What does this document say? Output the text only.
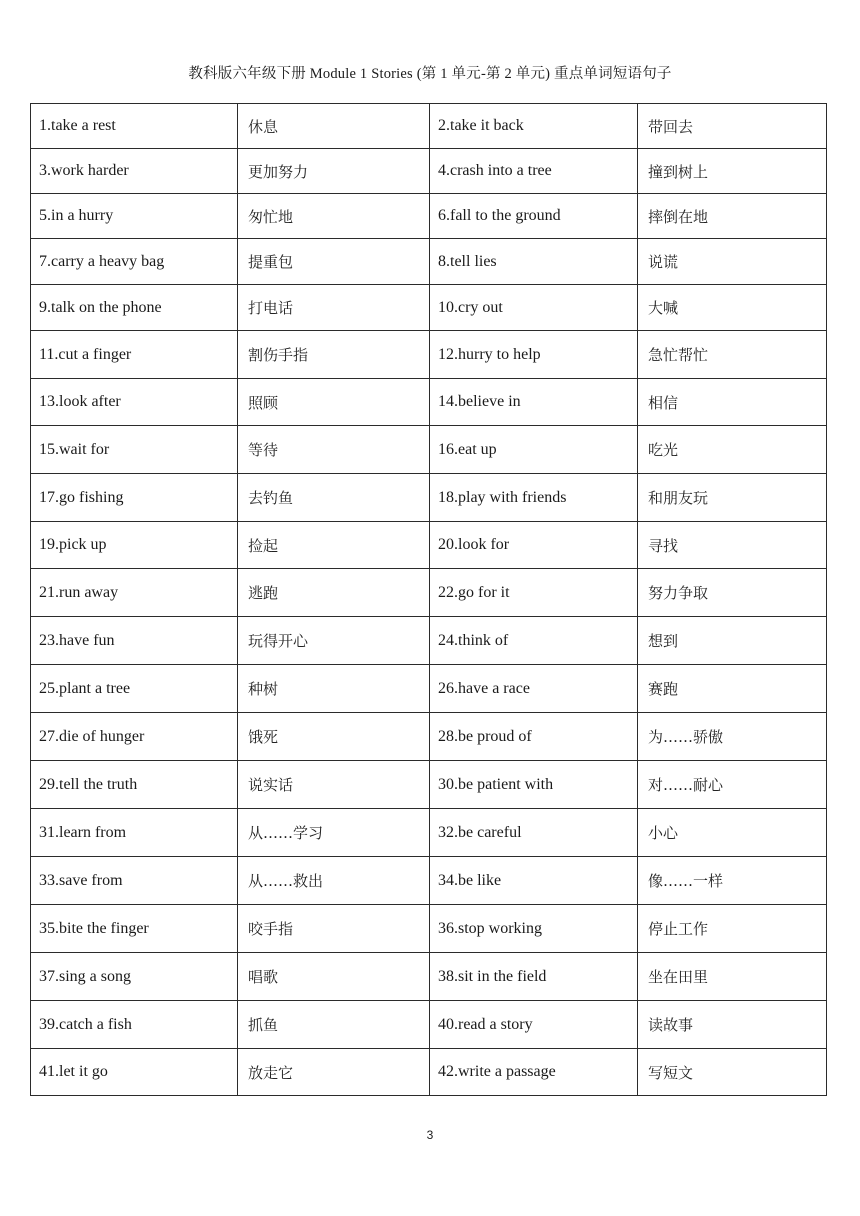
教科版六年级下册 Module 1 Stories (第 1 单元-第 2 单元) 重点单词短语句子
1.take a rest	休息	2.take it back	带回去
3.work harder	更加努力	4.crash into a tree	撞到树上
5.in a hurry	匆忙地	6.fall to the ground	摔倒在地
7.carry a heavy bag	提重包	8.tell lies	说谎
9.talk on the phone	打电话	10.cry out	大喊
11.cut a finger	割伤手指	12.hurry to help	急忙帮忙
13.look after	照顾	14.believe in	相信
15.wait for	等待	16.eat up	吃光
17.go fishing	去钓鱼	18.play with friends	和朋友玩
19.pick up	捡起	20.look for	寻找
21.run away	逃跑	22.go for it	努力争取
23.have fun	玩得开心	24.think of	想到
25.plant a tree	种树	26.have a race	赛跑
27.die of hunger	饿死	28.be proud of	为……骄傲
29.tell the truth	说实话	30.be patient with	对……耐心
31.learn from	从……学习	32.be careful	小心
33.save from	从……救出	34.be like	像……一样
35.bite the finger	咬手指	36.stop working	停止工作
37.sing a song	唱歌	38.sit in the field	坐在田里
39.catch a fish	抓鱼	40.read a story	读故事
41.let it go	放走它	42.write a passage	写短文
3
